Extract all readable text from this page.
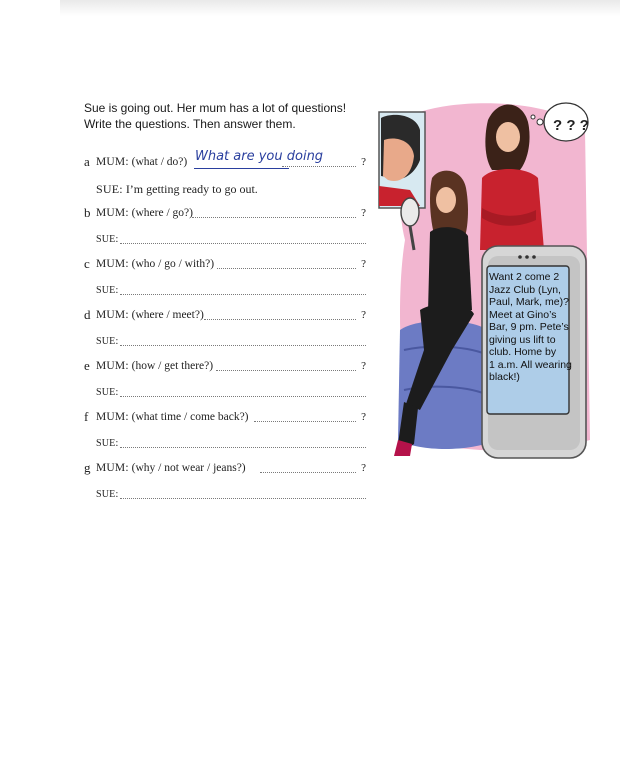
Sue is going out. Her mum has a lot of questions!
Write the questions. Then answer them.
a MUM: (what / do?) What are you doing	?
SUE: I’m getting ready to go out.
b MUM: (where / go?)	?
SUE:
c MUM: (who / go / with?)	?
SUE:
d MUM: (where / meet?)	?
SUE:
e MUM: (how / get there?)	?
SUE:
f MUM: (what time / come back?)	?
SUE:
g MUM: (why / not wear / jeans?)	?
SUE:
? ? ?
Want 2 come 2
Jazz Club (Lyn,
Paul, Mark, me)?
Meet at Gino’s
Bar, 9 pm. Pete’s
giving us lift to
club. Home by
1 a.m. All wearing
black!)
